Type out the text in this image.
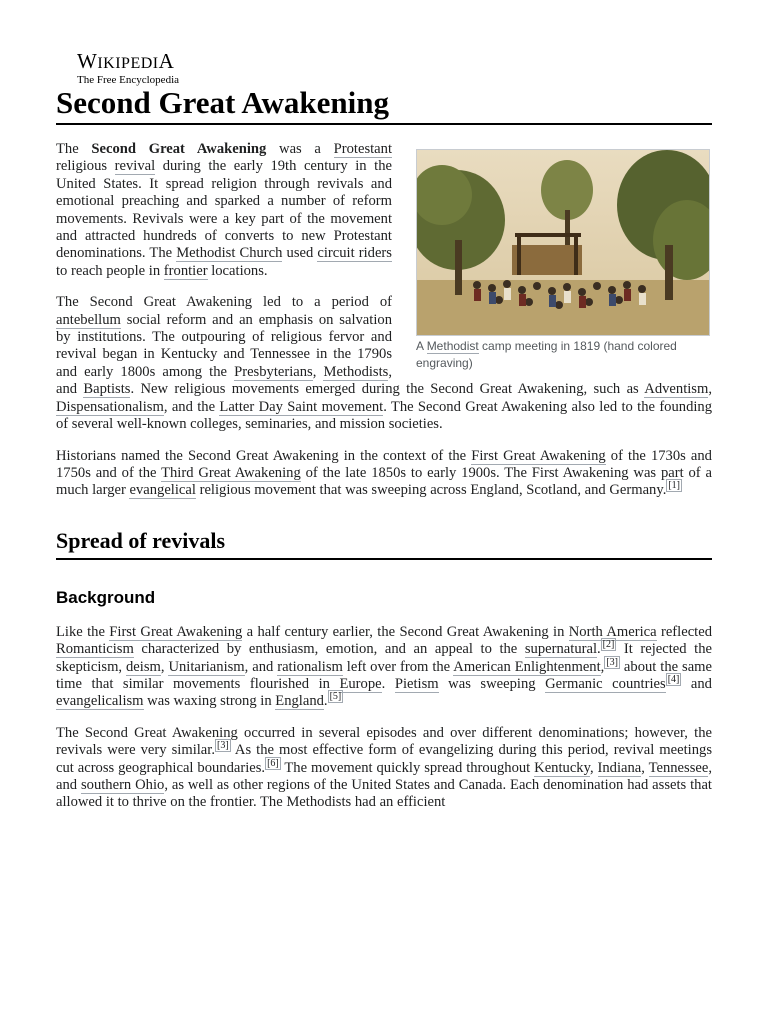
WIKIPEDIA
The Free Encyclopedia
Second Great Awakening
A Methodist camp meeting in 1819 (hand colored engraving)

The Second Great Awakening was a Protestant religious revival during the early 19th century in the United States. It spread religion through revivals and emotional preaching and sparked a number of reform movements. Revivals were a key part of the movement and attracted hundreds of converts to new Protestant denominations. The Methodist Church used circuit riders to reach people in frontier locations.

The Second Great Awakening led to a period of antebellum social reform and an emphasis on salvation by institutions. The outpouring of religious fervor and revival began in Kentucky and Tennessee in the 1790s and early 1800s among the Presbyterians, Methodists, and Baptists. New religious movements emerged during the Second Great Awakening, such as Adventism, Dispensationalism, and the Latter Day Saint movement. The Second Great Awakening also led to the founding of several well-known colleges, seminaries, and mission societies.

Historians named the Second Great Awakening in the context of the First Great Awakening of the 1730s and 1750s and of the Third Great Awakening of the late 1850s to early 1900s. The First Awakening was part of a much larger evangelical religious movement that was sweeping across England, Scotland, and Germany. [1]

Spread of revivals
Background

Like the First Great Awakening a half century earlier, the Second Great Awakening in North America reflected Romanticism characterized by enthusiasm, emotion, and an appeal to the supernatural. [2] It rejected the skepticism, deism, Unitarianism, and rationalism left over from the American Enlightenment, [3] about the same time that similar movements flourished in Europe. Pietism was sweeping Germanic countries [4] and evangelicalism was waxing strong in England. [5]

The Second Great Awakening occurred in several episodes and over different denominations; however, the revivals were very similar. [3] As the most effective form of evangelizing during this period, revival meetings cut across geographical boundaries. [6] The movement quickly spread throughout Kentucky, Indiana, Tennessee, and southern Ohio, as well as other regions of the United States and Canada. Each denomination had assets that allowed it to thrive on the frontier. The Methodists had an efficient
